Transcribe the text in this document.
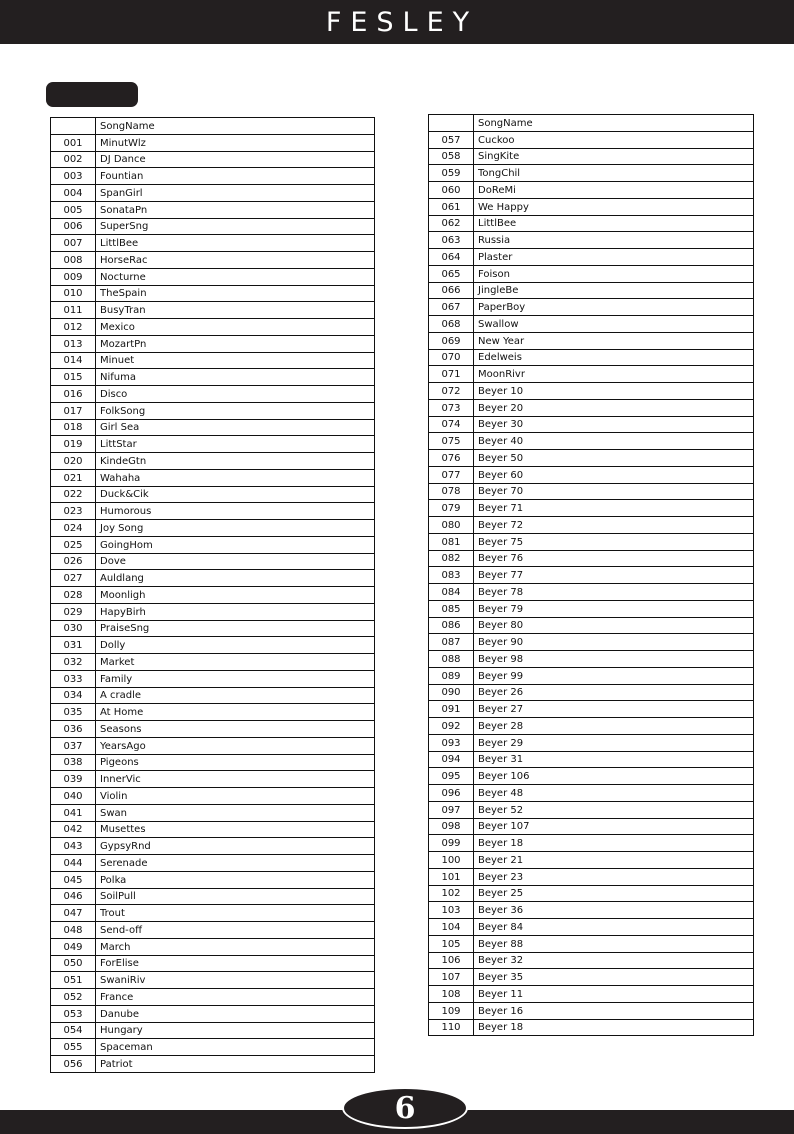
FESLEY
	SongName
001	MinutWlz
002	DJ Dance
003	Fountian
004	SpanGirl
005	SonataPn
006	SuperSng
007	LittlBee
008	HorseRac
009	Nocturne
010	TheSpain
011	BusyTran
012	Mexico
013	MozartPn
014	Minuet
015	Nifuma
016	Disco
017	FolkSong
018	Girl Sea
019	LittStar
020	KindeGtn
021	Wahaha
022	Duck&Cik
023	Humorous
024	Joy Song
025	GoingHom
026	Dove
027	Auldlang
028	Moonligh
029	HapyBirh
030	PraiseSng
031	Dolly
032	Market
033	Family
034	A cradle
035	At Home
036	Seasons
037	YearsAgo
038	Pigeons
039	InnerVic
040	Violin
041	Swan
042	Musettes
043	GypsyRnd
044	Serenade
045	Polka
046	SoilPull
047	Trout
048	Send-off
049	March
050	ForElise
051	SwaniRiv
052	France
053	Danube
054	Hungary
055	Spaceman
056	Patriot
	SongName
057	Cuckoo
058	SingKite
059	TongChil
060	DoReMi
061	We Happy
062	LittlBee
063	Russia
064	Plaster
065	Foison
066	JingleBe
067	PaperBoy
068	Swallow
069	New Year
070	Edelweis
071	MoonRivr
072	Beyer 10
073	Beyer 20
074	Beyer 30
075	Beyer 40
076	Beyer 50
077	Beyer 60
078	Beyer 70
079	Beyer 71
080	Beyer 72
081	Beyer 75
082	Beyer 76
083	Beyer 77
084	Beyer 78
085	Beyer 79
086	Beyer 80
087	Beyer 90
088	Beyer 98
089	Beyer 99
090	Beyer 26
091	Beyer 27
092	Beyer 28
093	Beyer 29
094	Beyer 31
095	Beyer 106
096	Beyer 48
097	Beyer 52
098	Beyer 107
099	Beyer 18
100	Beyer 21
101	Beyer 23
102	Beyer 25
103	Beyer 36
104	Beyer 84
105	Beyer 88
106	Beyer 32
107	Beyer 35
108	Beyer 11
109	Beyer 16
110	Beyer 18
6
